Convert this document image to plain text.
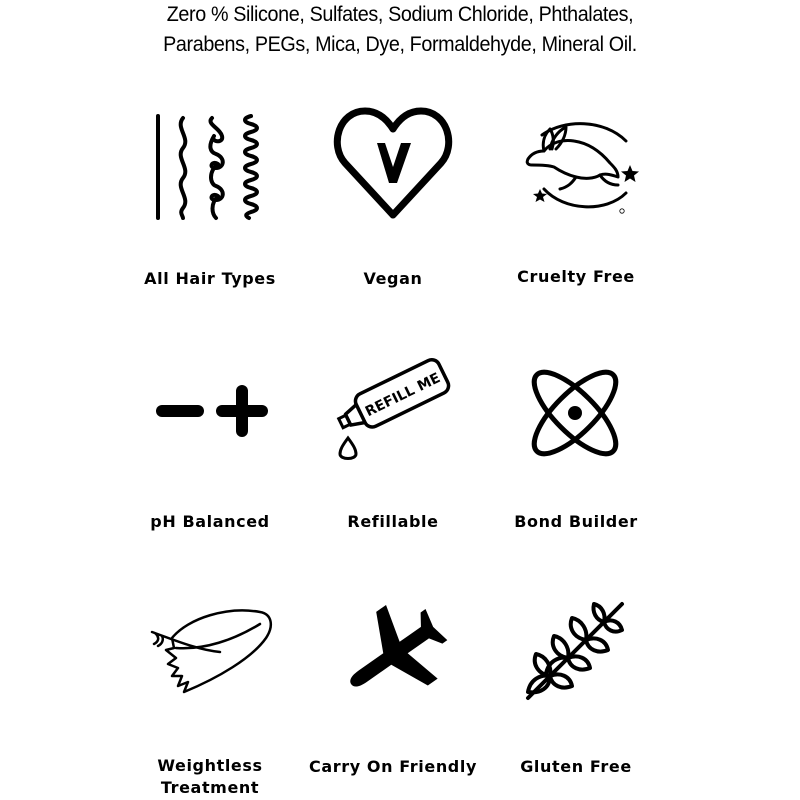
Zero % Silicone, Sulfates, Sodium Chloride, Phthalates,
Parabens, PEGs, Mica, Dye, Formaldehyde, Mineral Oil.
All Hair Types	Vegan	Cruelty Free
pH Balanced
REFILL ME
Refillable	Bond Builder
Weightless
Treatment
Carry On Friendly	Gluten Free
